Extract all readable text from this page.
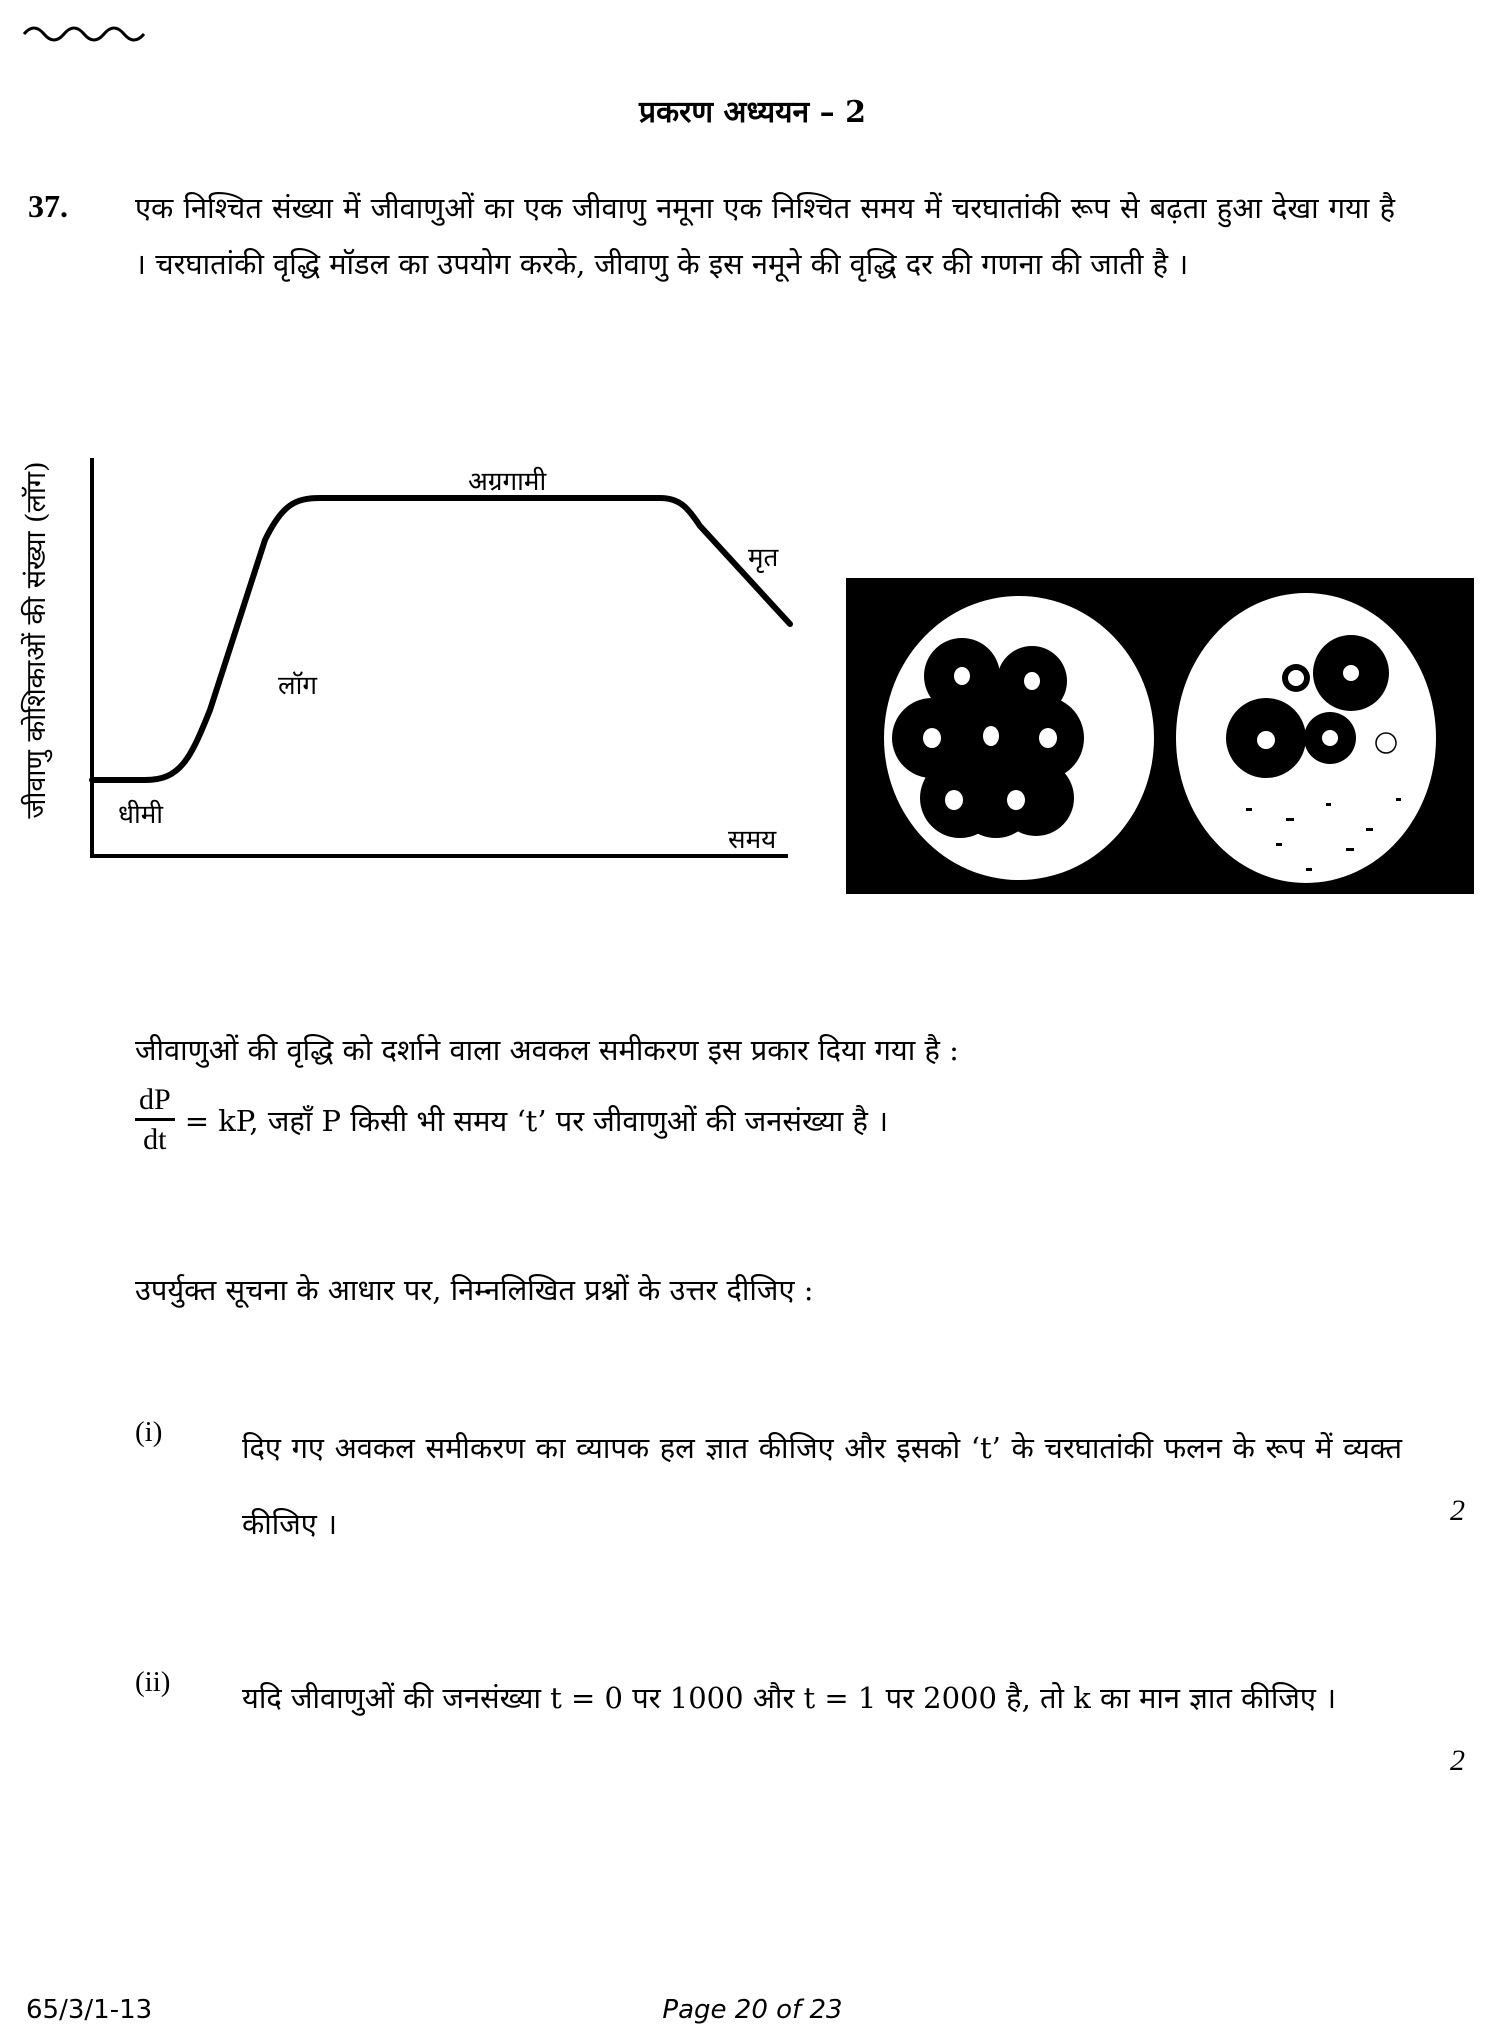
प्रकरण अध्ययन – 2
37. एक निश्चित संख्या में जीवाणुओं का एक जीवाणु नमूना एक निश्चित समय में चरघातांकी रूप से बढ़ता हुआ देखा गया है । चरघातांकी वृद्धि मॉडल का उपयोग करके, जीवाणु के इस नमूने की वृद्धि दर की गणना की जाती है ।
जीवाणु कोशिकाओं की संख्या (लॉग)	धीमी
लॉग
अग्रगामी
मृत
समय
जीवाणुओं की वृद्धि को दर्शाने वाला अवकल समीकरण इस प्रकार दिया गया है :
$\frac{dP}{dt}$ = kP, जहाँ P किसी भी समय ‘t’ पर जीवाणुओं की जनसंख्या है ।
उपर्युक्त सूचना के आधार पर, निम्नलिखित प्रश्नों के उत्तर दीजिए :
(i)	दिए गए अवकल समीकरण का व्यापक हल ज्ञात कीजिए और इसको ‘t’ के चरघातांकी फलन के रूप में व्यक्त कीजिए ।	2
(ii) यदि जीवाणुओं की जनसंख्या t = 0 पर 1000 और t = 1 पर 2000 है, तो k का मान ज्ञात कीजिए ।
2
65/3/1-13	Page 20 of 23
